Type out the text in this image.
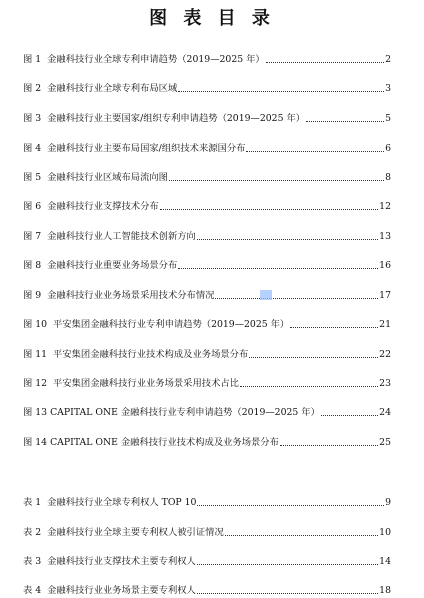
图 表 目 录
图 1 金融科技行业全球专利申请趋势（2019—2025 年）	2
图 2 金融科技行业全球专利布局区域	3
图 3 金融科技行业主要国家/组织专利申请趋势（2019—2025 年）	5
图 4 金融科技行业主要布局国家/组织技术来源国分布	6
图 5 金融科技行业区域布局流向图	8
图 6 金融科技行业支撑技术分布	12
图 7 金融科技行业人工智能技术创新方向	13
图 8 金融科技行业重要业务场景分布	16
图 9 金融科技行业业务场景采用技术分布情况	17
图 10 平安集团金融科技行业专利申请趋势（2019—2025 年）	21
图 11 平安集团金融科技行业技术构成及业务场景分布	22
图 12 平安集团金融科技行业业务场景采用技术占比	23
图 13 CAPITAL ONE 金融科技行业专利申请趋势（2019—2025 年）	24
图 14 CAPITAL ONE 金融科技行业技术构成及业务场景分布	25
表 1 金融科技行业全球专利权人 TOP 10	9
表 2 金融科技行业全球主要专利权人被引证情况	10
表 3 金融科技行业支撑技术主要专利权人	14
表 4 金融科技行业业务场景主要专利权人	18
